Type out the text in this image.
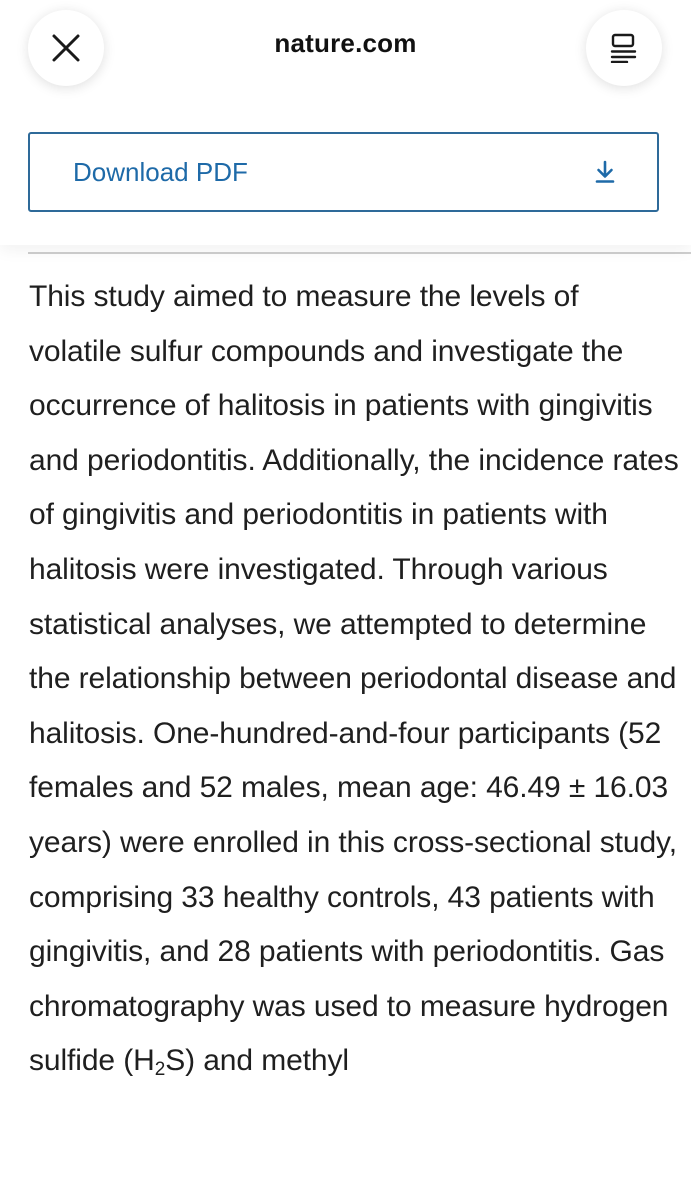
nature.com
Download PDF

This study aimed to measure the levels of volatile sulfur compounds and investigate the occurrence of halitosis in patients with gingivitis and periodontitis. Additionally, the incidence rates of gingivitis and periodontitis in patients with halitosis were investigated. Through various statistical analyses, we attempted to determine the relationship between periodontal disease and halitosis. One-hundred-and-four participants (52 females and 52 males, mean age: 46.49 ± 16.03 years) were enrolled in this cross-sectional study, comprising 33 healthy controls, 43 patients with gingivitis, and 28 patients with periodontitis. Gas chromatography was used to measure hydrogen sulfide $(H_2S)$ and methyl
